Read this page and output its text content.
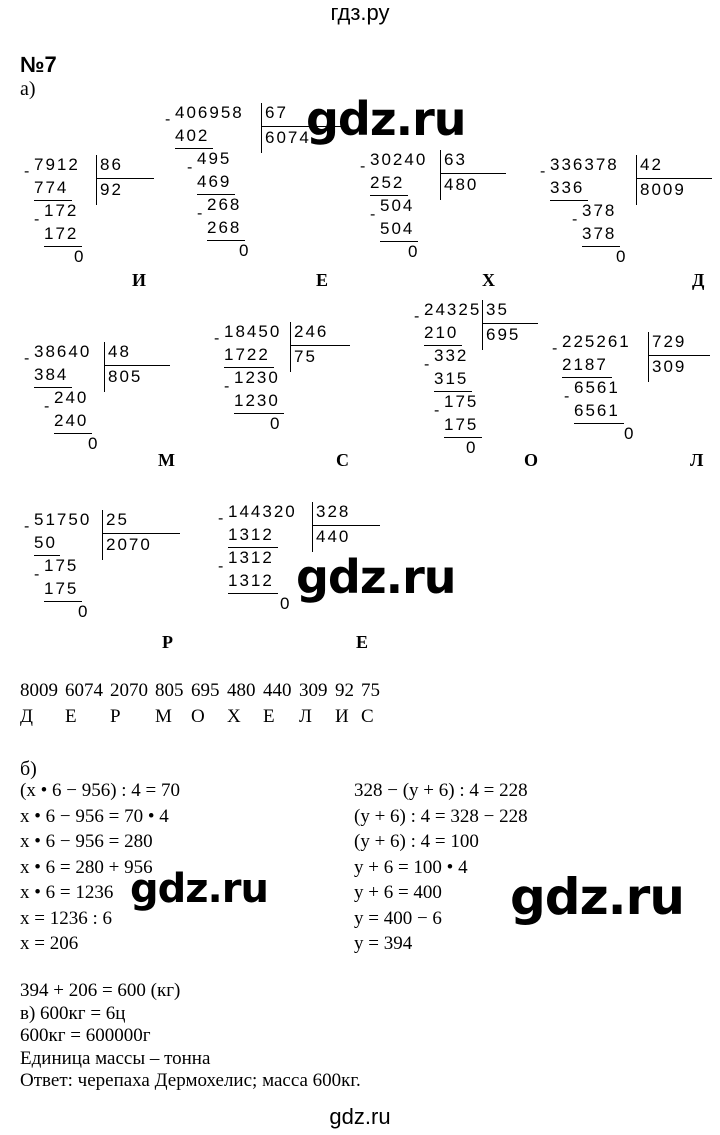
гдз.ру
gdz.ru
gdz.ru
gdz.ru	gdz.ru
№7
а)
- 7912 86
92
774
172
-
172
0
И
- 406958 67
6074
402
495
-
469
268
-
268
0
Е
- 30240 63
480
252
504
-
504
0
Х
- 336378 42
8009
336
378
-
378
0
Д
- 38640 48
805
384
240
-
240
0
М
- 18450 246
75
1722
1230
-
1230
0
С
- 24325 35
695
210
332
-
315
175
-
175
0
О
- 225261 729
309
2187
6561
-
6561
0
Л
- 51750 25
2070
50
175
-
175
0
Р
- 144320 328
440
1312
1312
-
1312
0
Е
8009 6074 2070 805 695 480 440 309 92 75
Д Е Р М О Х Е Л И С
б)
(x • 6 − 956) : 4 = 70
x • 6 − 956 = 70 • 4
x • 6 − 956 = 280
x • 6 = 280 + 956
x • 6 = 1236
x = 1236 : 6
x = 206
328 − (y + 6) : 4 = 228
(y + 6) : 4 = 328 − 228
(y + 6) : 4 = 100
y + 6 = 100 • 4
y + 6 = 400
y = 400 − 6
y = 394
394 + 206 = 600 (кг)
в) 600кг = 6ц
600кг = 600000г
Единица массы – тонна
Ответ: черепаха Дермохелис; масса 600кг.
gdz.ru
